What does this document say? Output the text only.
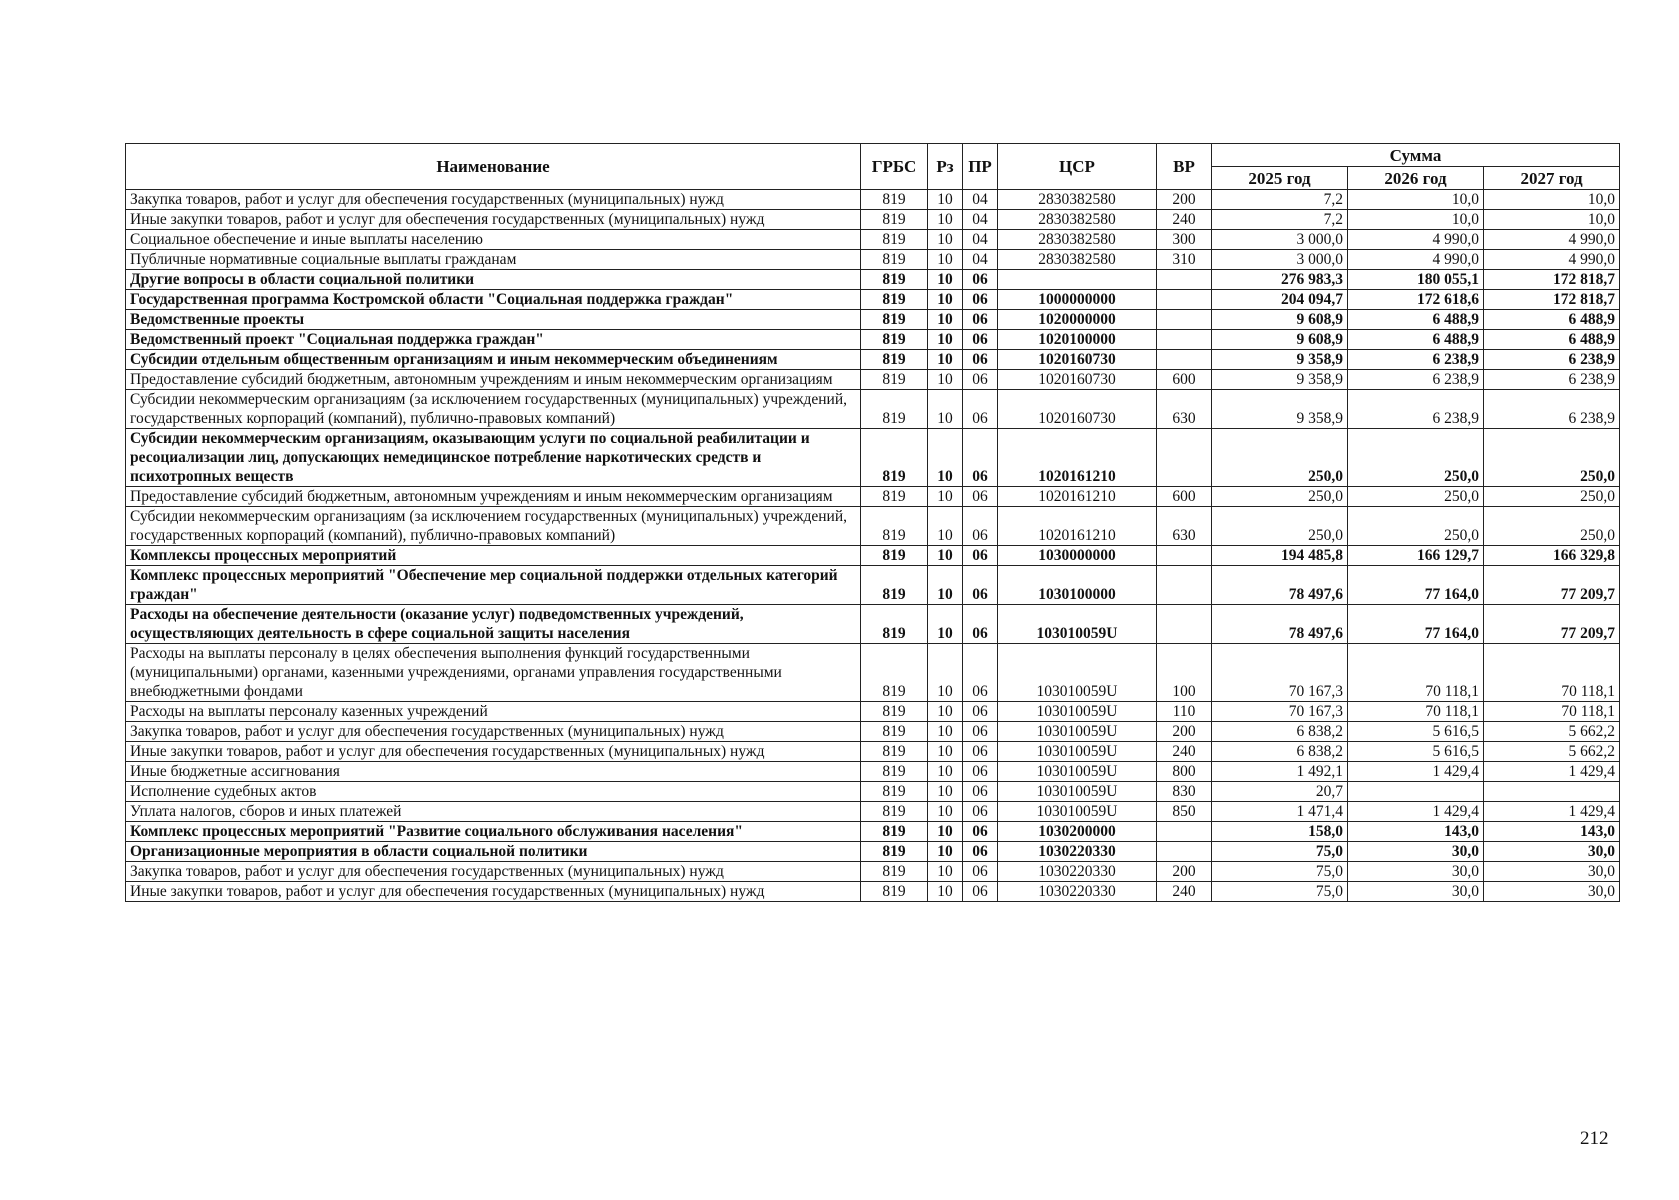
Наименование	ГРБС	Рз	ПР	ЦСР	ВР	Сумма		
						2025 год	2026 год	2027 год
Закупка товаров, работ и услуг для обеспечения государственных (муниципальных) нужд	819	10	04	2830382580	200	7,2	10,0	10,0
Иные закупки товаров, работ и услуг для обеспечения государственных (муниципальных) нужд	819	10	04	2830382580	240	7,2	10,0	10,0
Социальное обеспечение и иные выплаты населению	819	10	04	2830382580	300	3 000,0	4 990,0	4 990,0
Публичные нормативные социальные выплаты гражданам	819	10	04	2830382580	310	3 000,0	4 990,0	4 990,0
Другие вопросы в области социальной политики	819	10	06			276 983,3	180 055,1	172 818,7
Государственная программа Костромской области "Социальная поддержка граждан"	819	10	06	1000000000		204 094,7	172 618,6	172 818,7
Ведомственные проекты	819	10	06	1020000000		9 608,9	6 488,9	6 488,9
Ведомственный проект "Социальная поддержка граждан"	819	10	06	1020100000		9 608,9	6 488,9	6 488,9
Субсидии отдельным общественным организациям и иным некоммерческим объединениям	819	10	06	1020160730		9 358,9	6 238,9	6 238,9
Предоставление субсидий бюджетным, автономным учреждениям и иным некоммерческим организациям	819	10	06	1020160730	600	9 358,9	6 238,9	6 238,9
Субсидии некоммерческим организациям (за исключением государственных (муниципальных) учреждений, государственных корпораций (компаний), публично-правовых компаний)	819	10	06	1020160730	630	9 358,9	6 238,9	6 238,9
Субсидии некоммерческим организациям, оказывающим услуги по социальной реабилитации и ресоциализации лиц, допускающих немедицинское потребление наркотических средств и психотропных веществ	819	10	06	1020161210		250,0	250,0	250,0
Предоставление субсидий бюджетным, автономным учреждениям и иным некоммерческим организациям	819	10	06	1020161210	600	250,0	250,0	250,0
Субсидии некоммерческим организациям (за исключением государственных (муниципальных) учреждений, государственных корпораций (компаний), публично-правовых компаний)	819	10	06	1020161210	630	250,0	250,0	250,0
Комплексы процессных мероприятий	819	10	06	1030000000		194 485,8	166 129,7	166 329,8
Комплекс процессных мероприятий "Обеспечение мер социальной поддержки отдельных категорий граждан"	819	10	06	1030100000		78 497,6	77 164,0	77 209,7
Расходы на обеспечение деятельности (оказание услуг) подведомственных учреждений, осуществляющих деятельность в сфере социальной защиты населения	819	10	06	103010059U		78 497,6	77 164,0	77 209,7
Расходы на выплаты персоналу в целях обеспечения выполнения функций государственными (муниципальными) органами, казенными учреждениями, органами управления государственными внебюджетными фондами	819	10	06	103010059U	100	70 167,3	70 118,1	70 118,1
Расходы на выплаты персоналу казенных учреждений	819	10	06	103010059U	110	70 167,3	70 118,1	70 118,1
Закупка товаров, работ и услуг для обеспечения государственных (муниципальных) нужд	819	10	06	103010059U	200	6 838,2	5 616,5	5 662,2
Иные закупки товаров, работ и услуг для обеспечения государственных (муниципальных) нужд	819	10	06	103010059U	240	6 838,2	5 616,5	5 662,2
Иные бюджетные ассигнования	819	10	06	103010059U	800	1 492,1	1 429,4	1 429,4
Исполнение судебных актов	819	10	06	103010059U	830	20,7		
Уплата налогов, сборов и иных платежей	819	10	06	103010059U	850	1 471,4	1 429,4	1 429,4
Комплекс процессных мероприятий "Развитие социального обслуживания населения"	819	10	06	1030200000		158,0	143,0	143,0
Организационные мероприятия в области социальной политики	819	10	06	1030220330		75,0	30,0	30,0
Закупка товаров, работ и услуг для обеспечения государственных (муниципальных) нужд	819	10	06	1030220330	200	75,0	30,0	30,0
Иные закупки товаров, работ и услуг для обеспечения государственных (муниципальных) нужд	819	10	06	1030220330	240	75,0	30,0	30,0
212
